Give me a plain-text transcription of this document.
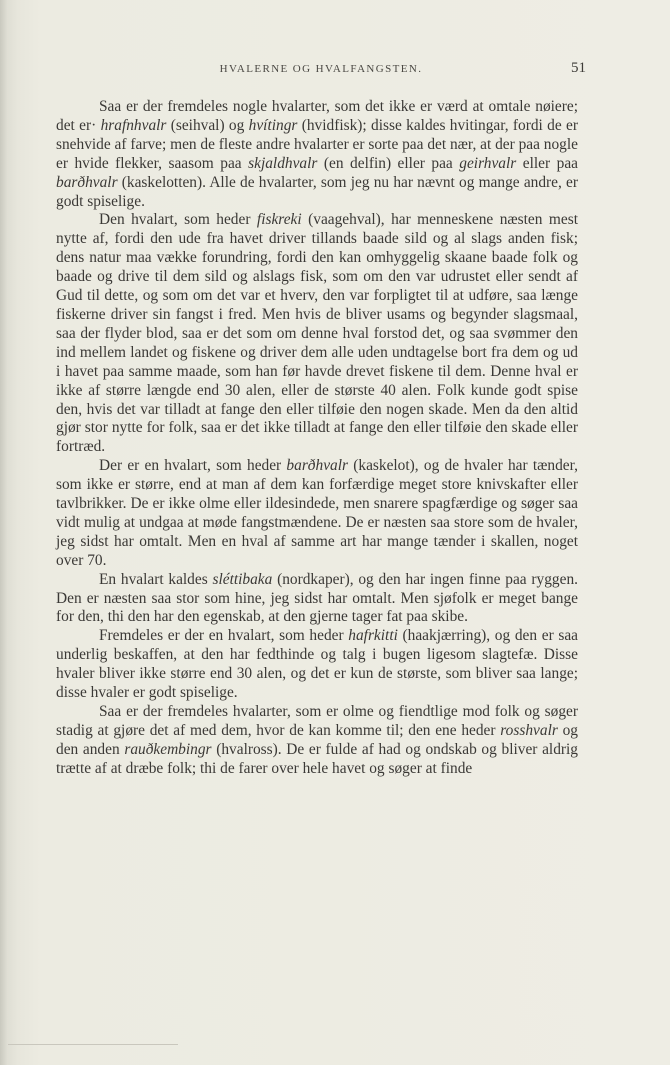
HVALERNE OG HVALFANGSTEN.	51

Saa er der fremdeles nogle hvalarter, som det ikke er værd at omtale nøiere; det er· hrafnhvalr (seihval) og hvítingr (hvidfisk); disse kaldes hvitingar, fordi de er snehvide af farve; men de fleste andre hvalarter er sorte paa det nær, at der paa nogle er hvide flekker, saasom paa skjaldhvalr (en delfin) eller paa geirhvalr eller paa barðhvalr (kaskelotten). Alle de hvalarter, som jeg nu har nævnt og mange andre, er godt spiselige.

Den hvalart, som heder fiskreki (vaagehval), har menneskene næsten mest nytte af, fordi den ude fra havet driver tillands baade sild og al slags anden fisk; dens natur maa vække forundring, fordi den kan omhyggelig skaane baade folk og baade og drive til dem sild og alslags fisk, som om den var udrustet eller sendt af Gud til dette, og som om det var et hverv, den var forpligtet til at udføre, saa længe fiskerne driver sin fangst i fred. Men hvis de bliver usams og begynder slagsmaal, saa der flyder blod, saa er det som om denne hval forstod det, og saa svømmer den ind mellem landet og fiskene og driver dem alle uden undtagelse bort fra dem og ud i havet paa samme maade, som han før havde drevet fiskene til dem. Denne hval er ikke af større længde end 30 alen, eller de største 40 alen. Folk kunde godt spise den, hvis det var tilladt at fange den eller tilføie den nogen skade. Men da den altid gjør stor nytte for folk, saa er det ikke tilladt at fange den eller tilføie den skade eller fortræd.

Der er en hvalart, som heder barðhvalr (kaskelot), og de hvaler har tænder, som ikke er større, end at man af dem kan forfærdige meget store knivskafter eller tavlbrikker. De er ikke olme eller ildesindede, men snarere spagfærdige og søger saa vidt mulig at undgaa at møde fangstmændene. De er næsten saa store som de hvaler, jeg sidst har omtalt. Men en hval af samme art har mange tænder i skallen, noget over 70.

En hvalart kaldes sléttibaka (nordkaper), og den har ingen finne paa ryggen. Den er næsten saa stor som hine, jeg sidst har omtalt. Men sjøfolk er meget bange for den, thi den har den egenskab, at den gjerne tager fat paa skibe.

Fremdeles er der en hvalart, som heder hafrkitti (haakjærring), og den er saa underlig beskaffen, at den har fedthinde og talg i bugen ligesom slagtefæ. Disse hvaler bliver ikke større end 30 alen, og det er kun de største, som bliver saa lange; disse hvaler er godt spiselige.

Saa er der fremdeles hvalarter, som er olme og fiendtlige mod folk og søger stadig at gjøre det af med dem, hvor de kan komme til; den ene heder rosshvalr og den anden rauðkembingr (hvalross). De er fulde af had og ondskab og bliver aldrig trætte af at dræbe folk; thi de farer over hele havet og søger at finde
